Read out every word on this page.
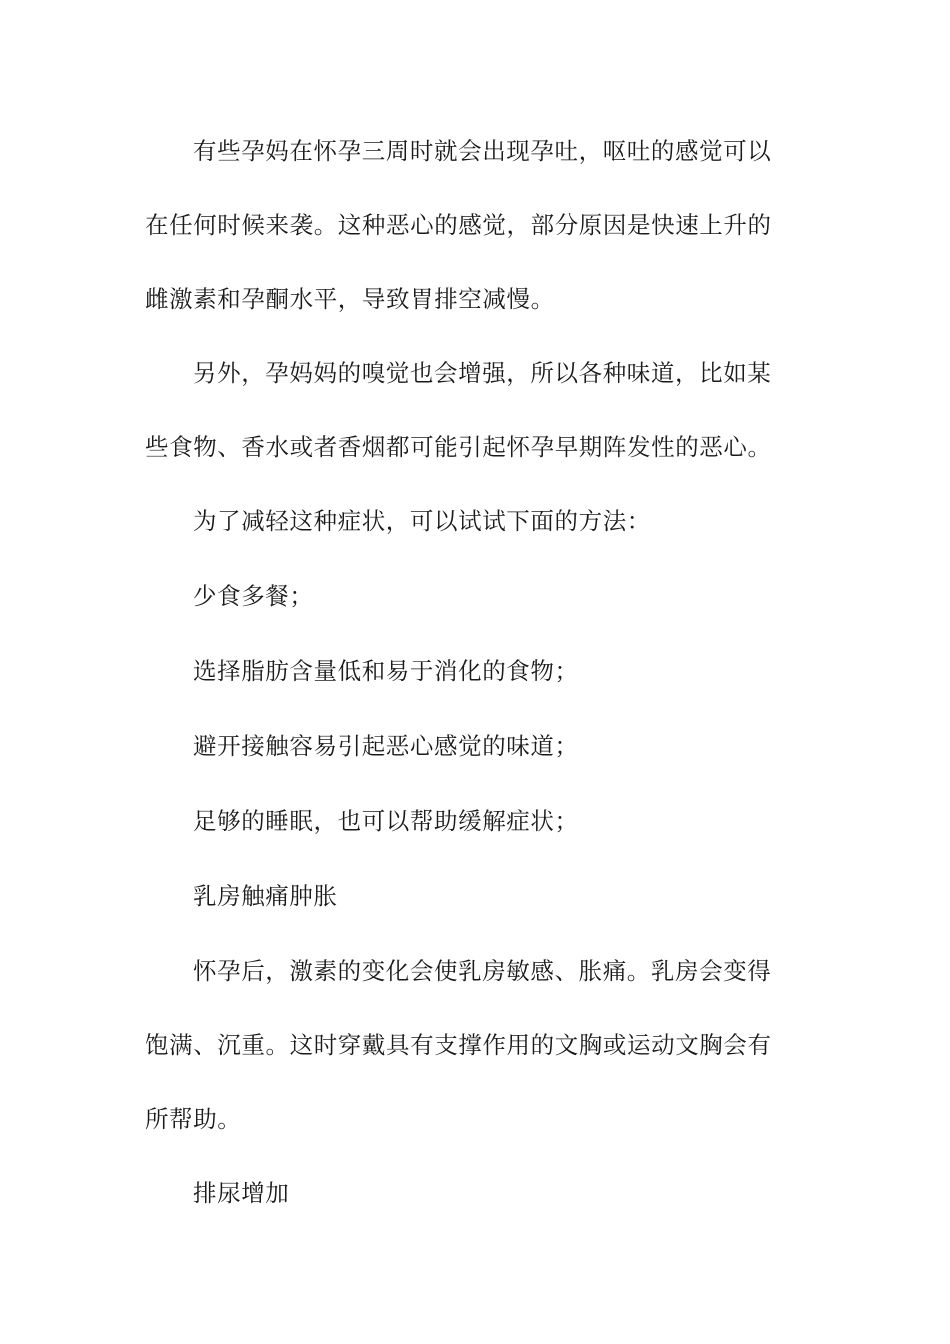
有些孕妈在怀孕三周时就会出现孕吐，呕吐的感觉可以在任何时候来袭。这种恶心的感觉，部分原因是快速上升的雌激素和孕酮水平，导致胃排空减慢。

另外，孕妈妈的嗅觉也会增强，所以各种味道，比如某些食物、香水或者香烟都可能引起怀孕早期阵发性的恶心。

为了减轻这种症状，可以试试下面的方法：

少食多餐；

选择脂肪含量低和易于消化的食物；

避开接触容易引起恶心感觉的味道；

足够的睡眠，也可以帮助缓解症状；

乳房触痛肿胀

怀孕后，激素的变化会使乳房敏感、胀痛。乳房会变得饱满、沉重。这时穿戴具有支撑作用的文胸或运动文胸会有所帮助。

排尿增加
